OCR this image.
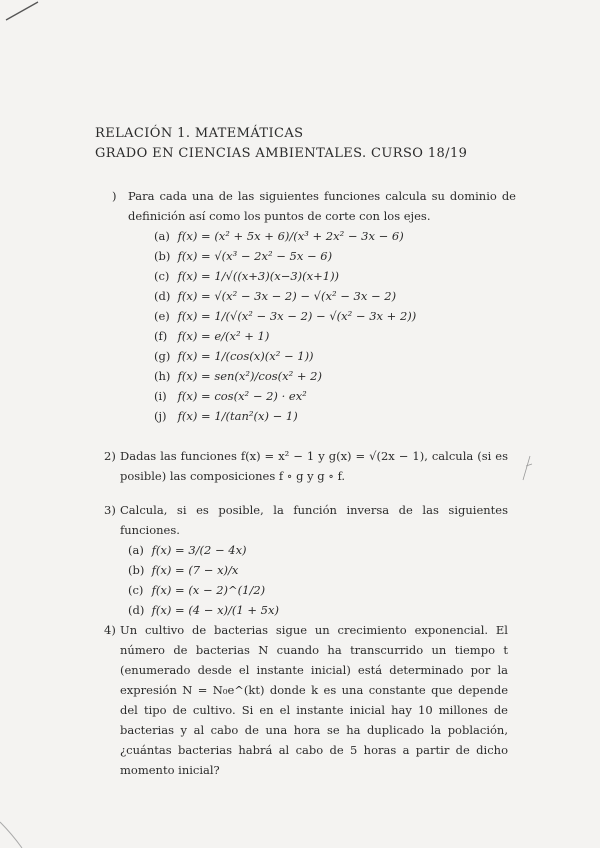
RELACIÓN 1. MATEMÁTICAS
GRADO EN CIENCIAS AMBIENTALES. CURSO 18/19
) Para cada una de las siguientes funciones calcula su dominio de definición así como los puntos de corte con los ejes.
(a) f(x) = (x² + 5x + 6)/(x³ + 2x² − 3x − 6)
(b) f(x) = √(x³ − 2x² − 5x − 6)
(c) f(x) = 1/√((x+3)(x−3)(x+1))
(d) f(x) = √(x² − 3x − 2) − √(x² − 3x − 2)
(e) f(x) = 1/(√(x² − 3x − 2) − √(x² − 3x + 2))
(f) f(x) = e/(x² + 1)
(g) f(x) = 1/(cos(x)(x² − 1))
(h) f(x) = sen(x²)/cos(x² + 2)
(i) f(x) = cos(x² − 2) · ex²
(j) f(x) = 1/(tan²(x) − 1)
2) Dadas las funciones f(x) = x² − 1 y g(x) = √(2x − 1), calcula (si es posible) las composiciones f ∘ g y g ∘ f.
3) Calcula, si es posible, la función inversa de las siguientes funciones.
(a) f(x) = 3/(2 − 4x)
(b) f(x) = (7 − x)/x
(c) f(x) = (x − 2)^(1/2)
(d) f(x) = (4 − x)/(1 + 5x)
4) Un cultivo de bacterias sigue un crecimiento exponencial. El número de bacterias N cuando ha transcurrido un tiempo t (enumerado desde el instante inicial) está determinado por la expresión N = N₀e^(kt) donde k es una constante que depende del tipo de cultivo. Si en el instante inicial hay 10 millones de bacterias y al cabo de una hora se ha duplicado la población, ¿cuántas bacterias habrá al cabo de 5 horas a partir de dicho momento inicial?
